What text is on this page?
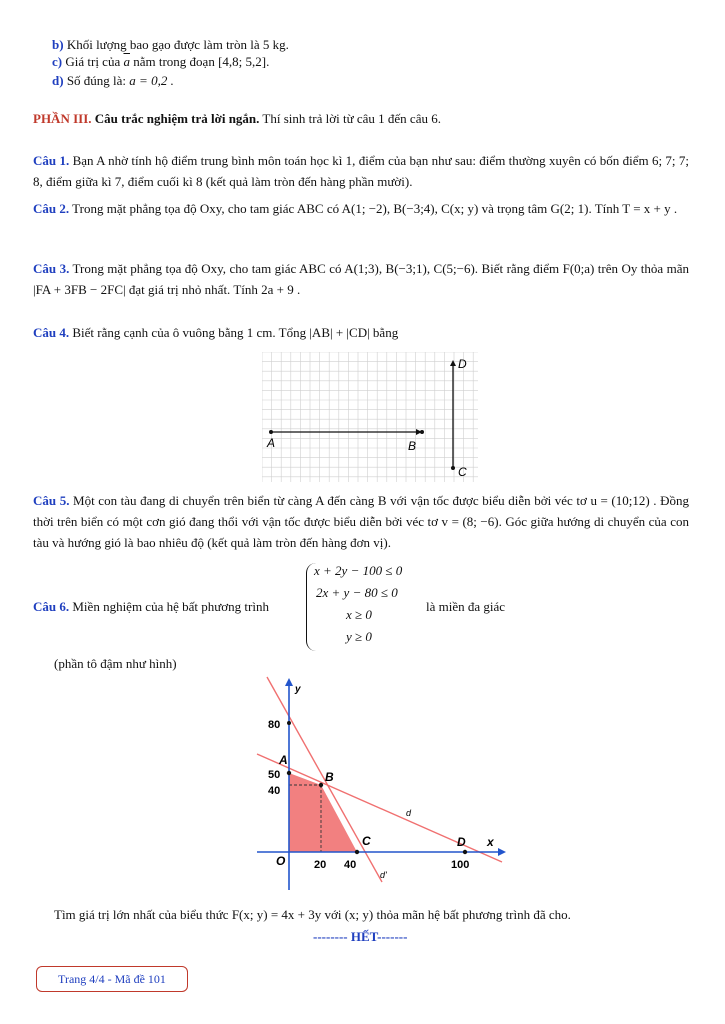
b) Khối lượng bao gạo được làm tròn là 5 kg.
c) Giá trị của $\overline{a}$ nằm trong đoạn [4,8; 5,2].
d) Số đúng là: a = 0,2 .
PHẦN III. Câu trắc nghiệm trả lời ngắn. Thí sinh trả lời từ câu 1 đến câu 6.
Câu 1. Bạn A nhờ tính hộ điểm trung bình môn toán học kì 1, điểm của bạn như sau: điểm thường xuyên có bốn điểm 6; 7; 7; 8, điểm giữa kì 7, điểm cuối kì 8 (kết quả làm tròn đến hàng phần mười).
Câu 2. Trong mặt phẳng tọa độ Oxy, cho tam giác ABC có A(1; −2), B(−3;4), C(x; y) và trọng tâm G(2; 1). Tính T = x + y .
Câu 3. Trong mặt phẳng tọa độ Oxy, cho tam giác ABC có A(1;3), B(−3;1), C(5;−6). Biết rằng điểm F(0;a) trên Oy thỏa mãn |FA + 3FB − 2FC| đạt giá trị nhỏ nhất. Tính 2a + 9 .
Câu 4. Biết rằng cạnh của ô vuông bằng 1 cm. Tổng |AB| + |CD| bằng
A	B
C
D
Câu 5. Một con tàu đang di chuyển trên biển từ càng A đến càng B với vận tốc được biểu diễn bởi véc tơ u = (10;12) . Đồng thời trên biển có một cơn gió đang thổi với vận tốc được biểu diễn bởi véc tơ v = (8; −6). Góc giữa hướng di chuyển của con tàu và hướng gió là bao nhiêu độ (kết quả làm tròn đến hàng đơn vị).
Câu 6. Miền nghiệm của hệ bất phương trình
x + 2y − 100 ≤ 0
2x + y − 80 ≤ 0
x ≥ 0
y ≥ 0
là miền đa giác
(phần tô đậm như hình)
y
x
O
80
50
40
20 40	100
A
B
C	D
d
d'
Tìm giá trị lớn nhất của biểu thức F(x; y) = 4x + 3y với (x; y) thỏa mãn hệ bất phương trình đã cho.
-------- HẾT-------
Trang 4/4 - Mã đề 101
